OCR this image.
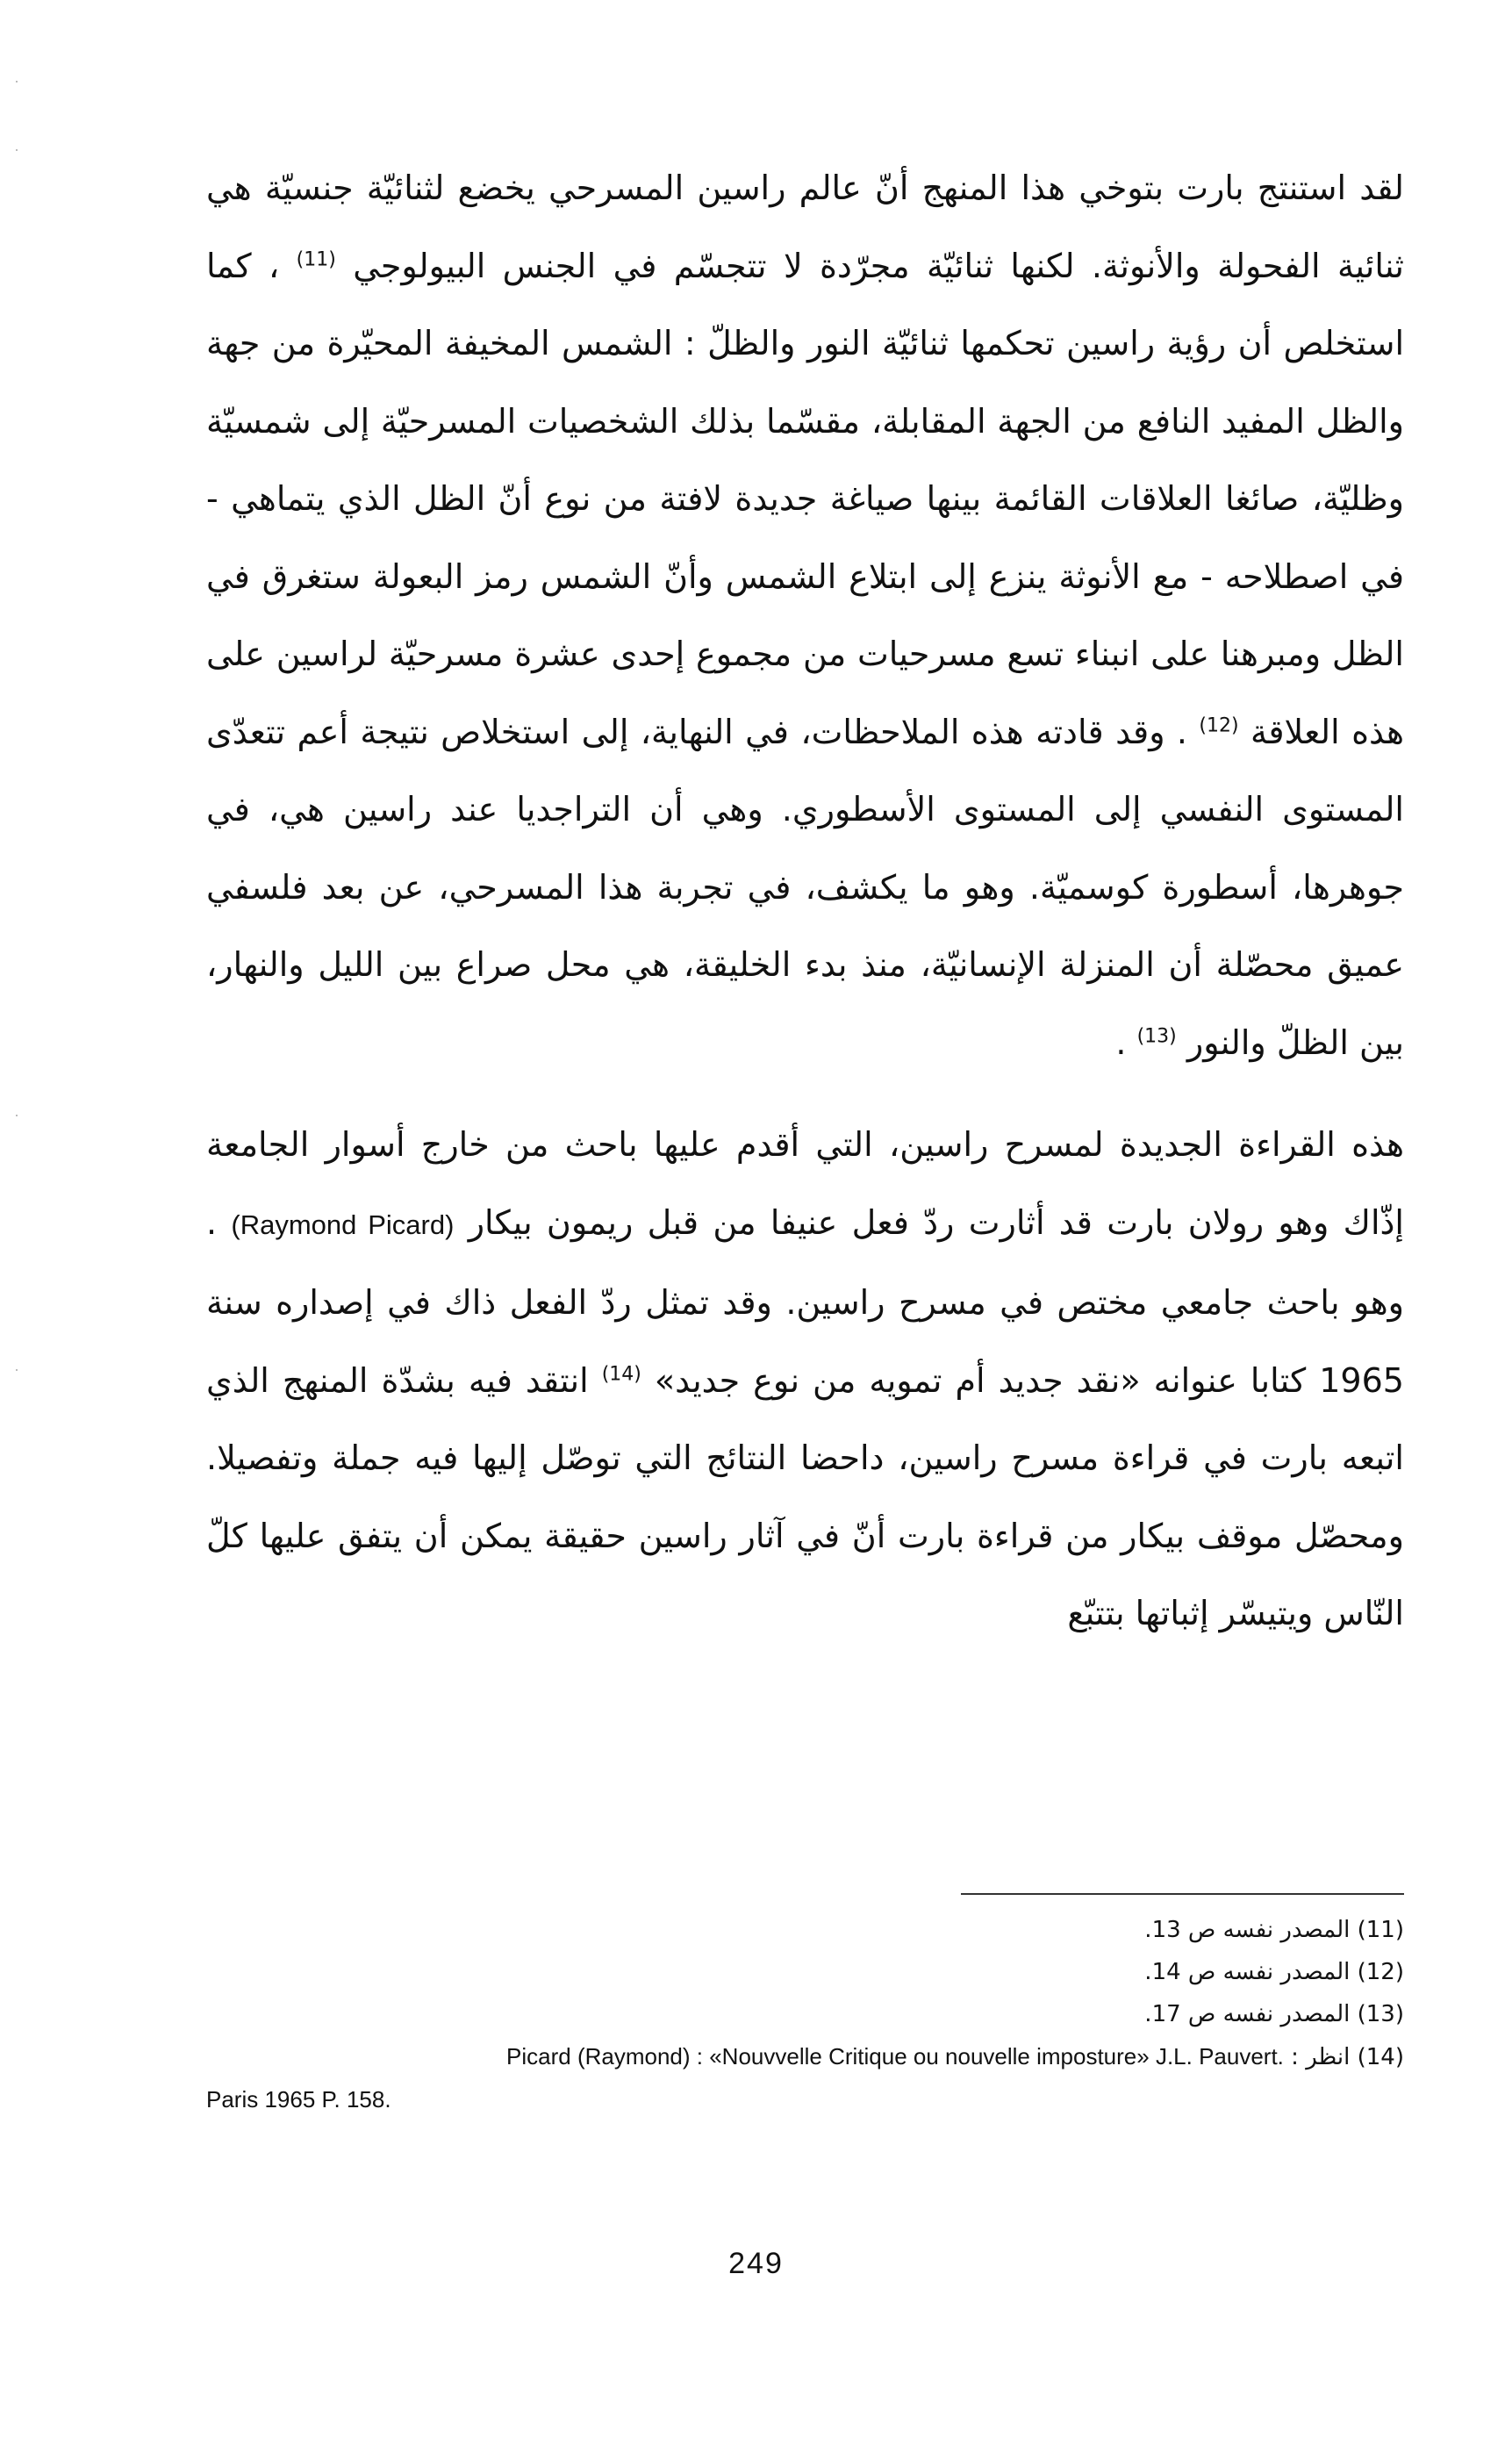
لقد استنتج بارت بتوخي هذا المنهج أنّ عالم راسين المسرحي يخضع لثنائيّة جنسيّة هي ثنائية الفحولة والأنوثة. لكنها ثنائيّة مجرّدة لا تتجسّم في الجنس البيولوجي $^{(11)}$ ، كما استخلص أن رؤية راسين تحكمها ثنائيّة النور والظلّ : الشمس المخيفة المحيّرة من جهة والظل المفيد النافع من الجهة المقابلة، مقسّما بذلك الشخصيات المسرحيّة إلى شمسيّة وظليّة، صائغا العلاقات القائمة بينها صياغة جديدة لافتة من نوع أنّ الظل الذي يتماهي - في اصطلاحه - مع الأنوثة ينزع إلى ابتلاع الشمس وأنّ الشمس رمز البعولة ستغرق في الظل ومبرهنا على انبناء تسع مسرحيات من مجموع إحدى عشرة مسرحيّة لراسين على هذه العلاقة $^{(12)}$ . وقد قادته هذه الملاحظات، في النهاية، إلى استخلاص نتيجة أعم تتعدّى المستوى النفسي إلى المستوى الأسطوري. وهي أن التراجديا عند راسين هي، في جوهرها، أسطورة كوسميّة. وهو ما يكشف، في تجربة هذا المسرحي، عن بعد فلسفي عميق محصّلة أن المنزلة الإنسانيّة، منذ بدء الخليقة، هي محل صراع بين الليل والنهار، بين الظلّ والنور $^{(13)}$ .

هذه القراءة الجديدة لمسرح راسين، التي أقدم عليها باحث من خارج أسوار الجامعة إذّاك وهو رولان بارت قد أثارت ردّ فعل عنيفا من قبل ريمون بيكار (Raymond Picard) . وهو باحث جامعي مختص في مسرح راسين. وقد تمثل ردّ الفعل ذاك في إصداره سنة 1965 كتابا عنوانه «نقد جديد أم تمويه من نوع جديد» $^{(14)}$ انتقد فيه بشدّة المنهج الذي اتبعه بارت في قراءة مسرح راسين، داحضا النتائج التي توصّل إليها فيه جملة وتفصيلا. ومحصّل موقف بيكار من قراءة بارت أنّ في آثار راسين حقيقة يمكن أن يتفق عليها كلّ النّاس ويتيسّر إثباتها بتتبّع

(11) المصدر نفسه ص 13.
(12) المصدر نفسه ص 14.
(13) المصدر نفسه ص 17.
(14) انظر : Picard (Raymond) : «Nouvvelle Critique ou nouvelle imposture» J.L. Pauvert.
Paris 1965 P. 158.
249
